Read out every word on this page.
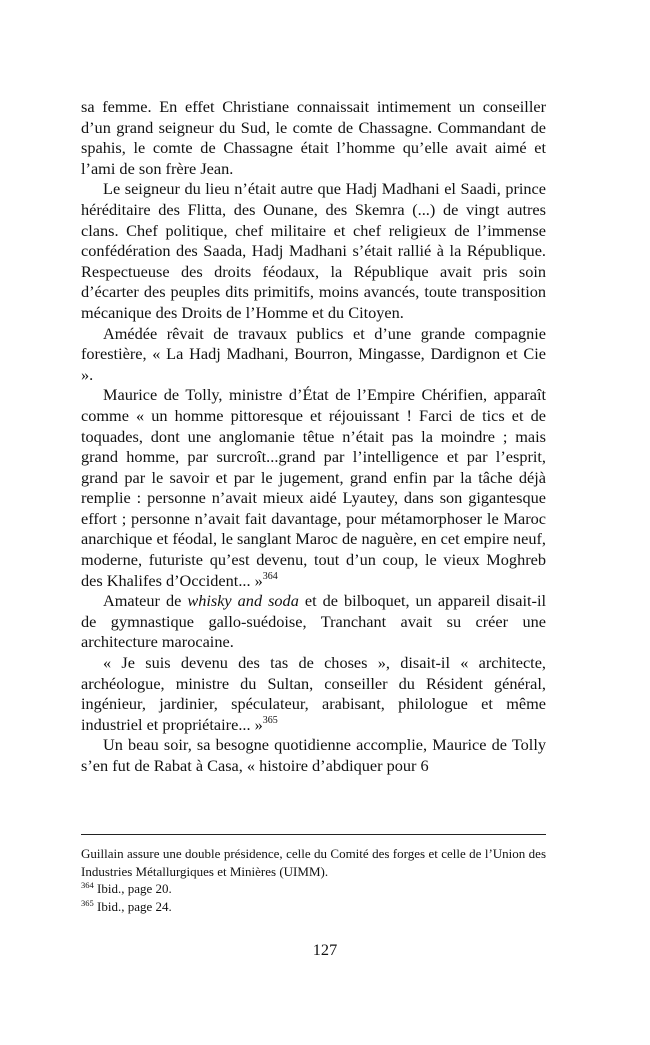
sa femme. En effet Christiane connaissait intimement un conseiller d’un grand seigneur du Sud, le comte de Chassagne. Commandant de spahis, le comte de Chassagne était l’homme qu’elle avait aimé et l’ami de son frère Jean.

Le seigneur du lieu n’était autre que Hadj Madhani el Saadi, prince héréditaire des Flitta, des Ounane, des Skemra (...) de vingt autres clans. Chef politique, chef militaire et chef religieux de l’immense confédération des Saada, Hadj Madhani s’était rallié à la République. Respectueuse des droits féodaux, la République avait pris soin d’écarter des peuples dits primitifs, moins avancés, toute transposition mécanique des Droits de l’Homme et du Citoyen.

Amédée rêvait de travaux publics et d’une grande compagnie forestière, « La Hadj Madhani, Bourron, Mingasse, Dardignon et Cie ».

Maurice de Tolly, ministre d’État de l’Empire Chérifien, apparaît comme « un homme pittoresque et réjouissant ! Farci de tics et de toquades, dont une anglomanie têtue n’était pas la moindre ; mais grand homme, par surcroît...grand par l’intelligence et par l’esprit, grand par le savoir et par le jugement, grand enfin par la tâche déjà remplie : personne n’avait mieux aidé Lyautey, dans son gigantesque effort ; personne n’avait fait davantage, pour métamorphoser le Maroc anarchique et féodal, le sanglant Maroc de naguère, en cet empire neuf, moderne, futuriste qu’est devenu, tout d’un coup, le vieux Moghreb des Khalifes d’Occident... »$^{364}$

Amateur de whisky and soda et de bilboquet, un appareil disait-il de gymnastique gallo-suédoise, Tranchant avait su créer une architecture marocaine.

« Je suis devenu des tas de choses », disait-il « architecte, archéologue, ministre du Sultan, conseiller du Résident général, ingénieur, jardinier, spéculateur, arabisant, philologue et même industriel et propriétaire... »$^{365}$

Un beau soir, sa besogne quotidienne accomplie, Maurice de Tolly s’en fut de Rabat à Casa, « histoire d’abdiquer pour 6

Guillain assure une double présidence, celle du Comité des forges et celle de l’Union des Industries Métallurgiques et Minières (UIMM).

$^{364}$ Ibid., page 20.

$^{365}$ Ibid., page 24.

127
